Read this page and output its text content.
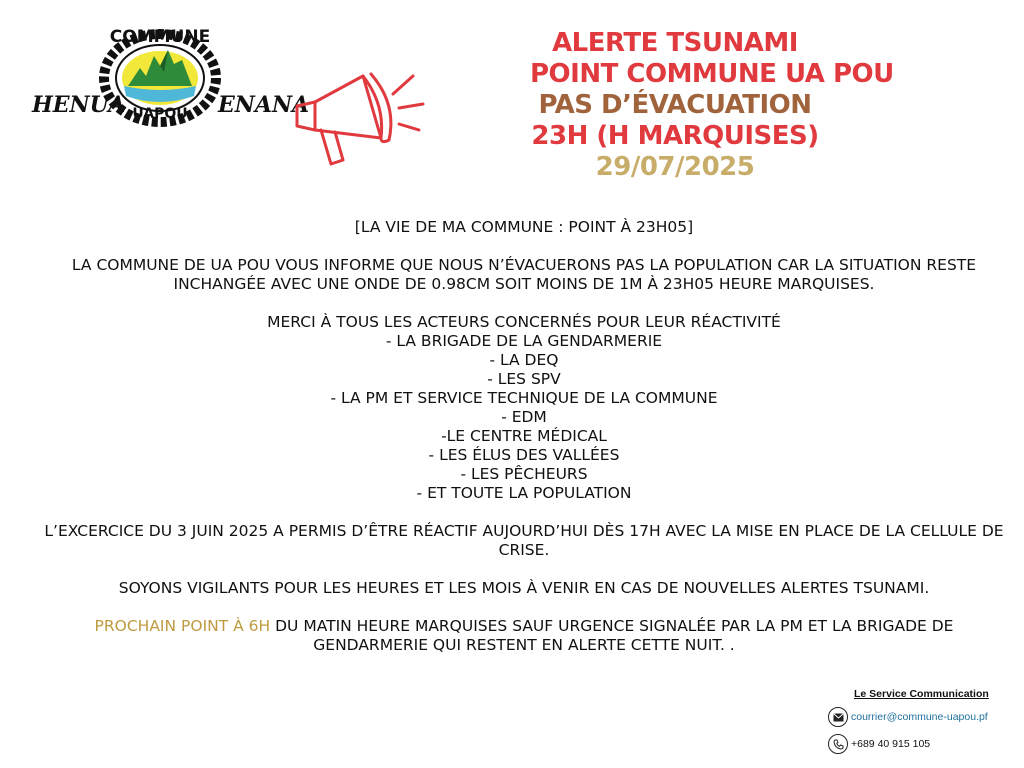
COMMUNE
HENUA UAPOU ENANA
ALERTE TSUNAMI
POINT COMMUNE UA POU
PAS D’ÉVACUATION
23H (H MARQUISES)
29/07/2025

[LA VIE DE MA COMMUNE : POINT À 23H05]

LA COMMUNE DE UA POU VOUS INFORME QUE NOUS N’ÉVACUERONS PAS LA POPULATION CAR LA SITUATION RESTE INCHANGÉE AVEC UNE ONDE DE 0.98CM SOIT MOINS DE 1M À 23H05 HEURE MARQUISES.

MERCI À TOUS LES ACTEURS CONCERNÉS POUR LEUR RÉACTIVITÉ

- LA BRIGADE DE LA GENDARMERIE

- LA DEQ

- LES SPV

- LA PM ET SERVICE TECHNIQUE DE LA COMMUNE

- EDM

-LE CENTRE MÉDICAL

- LES ÉLUS DES VALLÉES

- LES PÊCHEURS

- ET TOUTE LA POPULATION

L’EXCERCICE DU 3 JUIN 2025 A PERMIS D’ÊTRE RÉACTIF AUJOURD’HUI DÈS 17H AVEC LA MISE EN PLACE DE LA CELLULE DE CRISE.

SOYONS VIGILANTS POUR LES HEURES ET LES MOIS À VENIR EN CAS DE NOUVELLES ALERTES TSUNAMI.

PROCHAIN POINT À 6H DU MATIN HEURE MARQUISES SAUF URGENCE SIGNALÉE PAR LA PM ET LA BRIGADE DE GENDARMERIE QUI RESTENT EN ALERTE CETTE NUIT. .

Le Service Communication
courrier@commune-uapou.pf
+689 40 915 105
